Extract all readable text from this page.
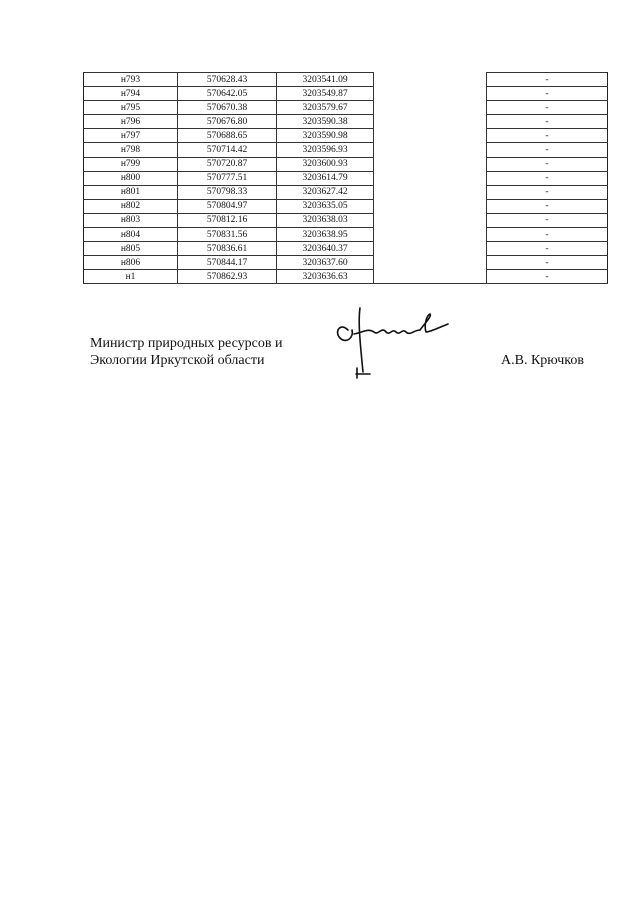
н793	570628.43	3203541.09		-
н794	570642.05	3203549.87		-
н795	570670.38	3203579.67		-
н796	570676.80	3203590.38		-
н797	570688.65	3203590.98		-
н798	570714.42	3203596.93		-
н799	570720.87	3203600.93		-
н800	570777.51	3203614.79		-
н801	570798.33	3203627.42		-
н802	570804.97	3203635.05		-
н803	570812.16	3203638.03		-
н804	570831.56	3203638.95		-
н805	570836.61	3203640.37		-
н806	570844.17	3203637.60		-
н1	570862.93	3203636.63		-
Министр природных ресурсов и
Экологии Иркутской области	А.В. Крючков
